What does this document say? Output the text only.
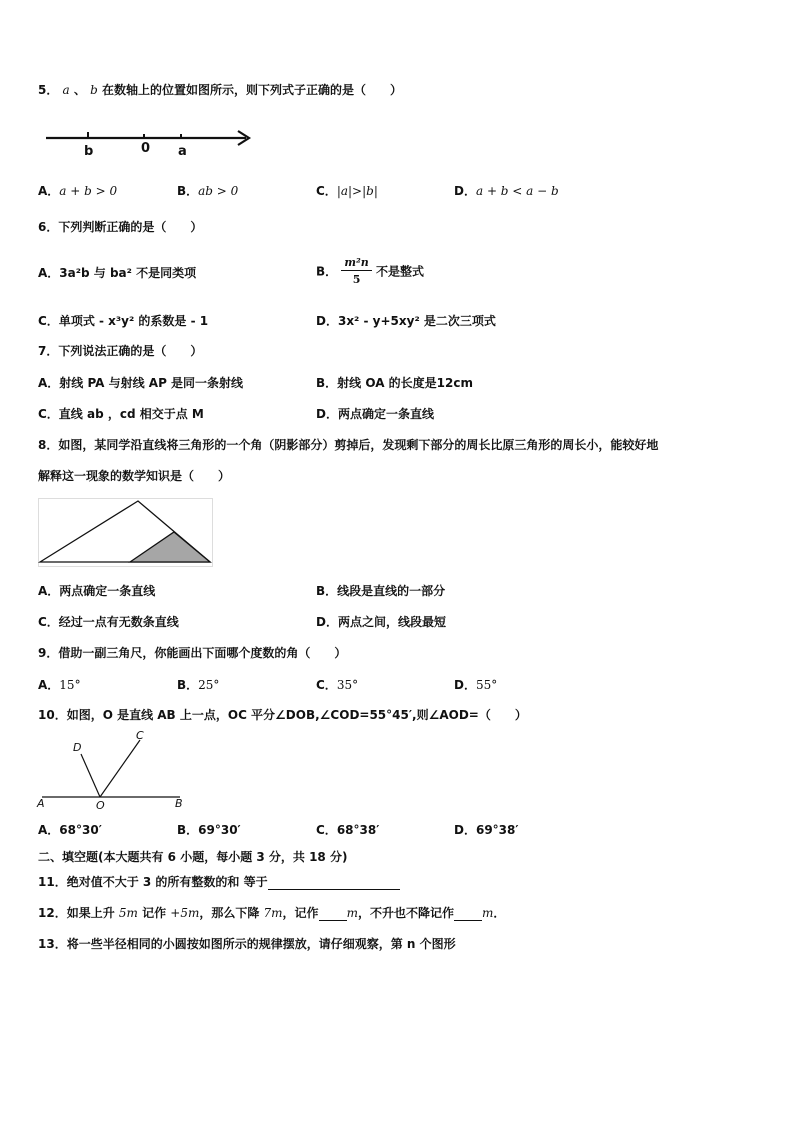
5． a 、 b 在数轴上的位置如图所示，则下列式子正确的是（　　）
b	0 a
A．a + b > 0	B．ab > 0	C．|a|>|b|	D．a + b < a − b
6．下列判断正确的是（　　）
A．3a²b 与 ba² 不是同类项	B． $\frac{\text{m²n}}{5}$ 不是整式
C．单项式 - x³y² 的系数是 - 1	D．3x² - y+5xy² 是二次三项式
7．下列说法正确的是（　　）
A．射线 PA 与射线 AP 是同一条射线	B．射线 OA 的长度是12cm
C．直线 ab ，cd 相交于点 M	D．两点确定一条直线
8．如图，某同学沿直线将三角形的一个角（阴影部分）剪掉后，发现剩下部分的周长比原三角形的周长小，能较好地
解释这一现象的数学知识是（　　）
A．两点确定一条直线	B．线段是直线的一部分
C．经过一点有无数条直线	D．两点之间，线段最短
9．借助一副三角尺，你能画出下面哪个度数的角（　　）
A．15°	B．25°	C．35°	D．55°
10．如图，O 是直线 AB 上一点，OC 平分∠DOB,∠COD=55°45′,则∠AOD=（　　）
D
C
A	O	B
A．68°30′	B．69°30′	C．68°38′	D．69°38′
二、填空题(本大题共有 6 小题，每小题 3 分，共 18 分)
11．绝对值不大于 3 的所有整数的和 等于
12．如果上升 5m 记作 +5m，那么下降 7m，记作 m，不升也不降记作 m．
13．将一些半径相同的小圆按如图所示的规律摆放，请仔细观察，第 n 个图形
